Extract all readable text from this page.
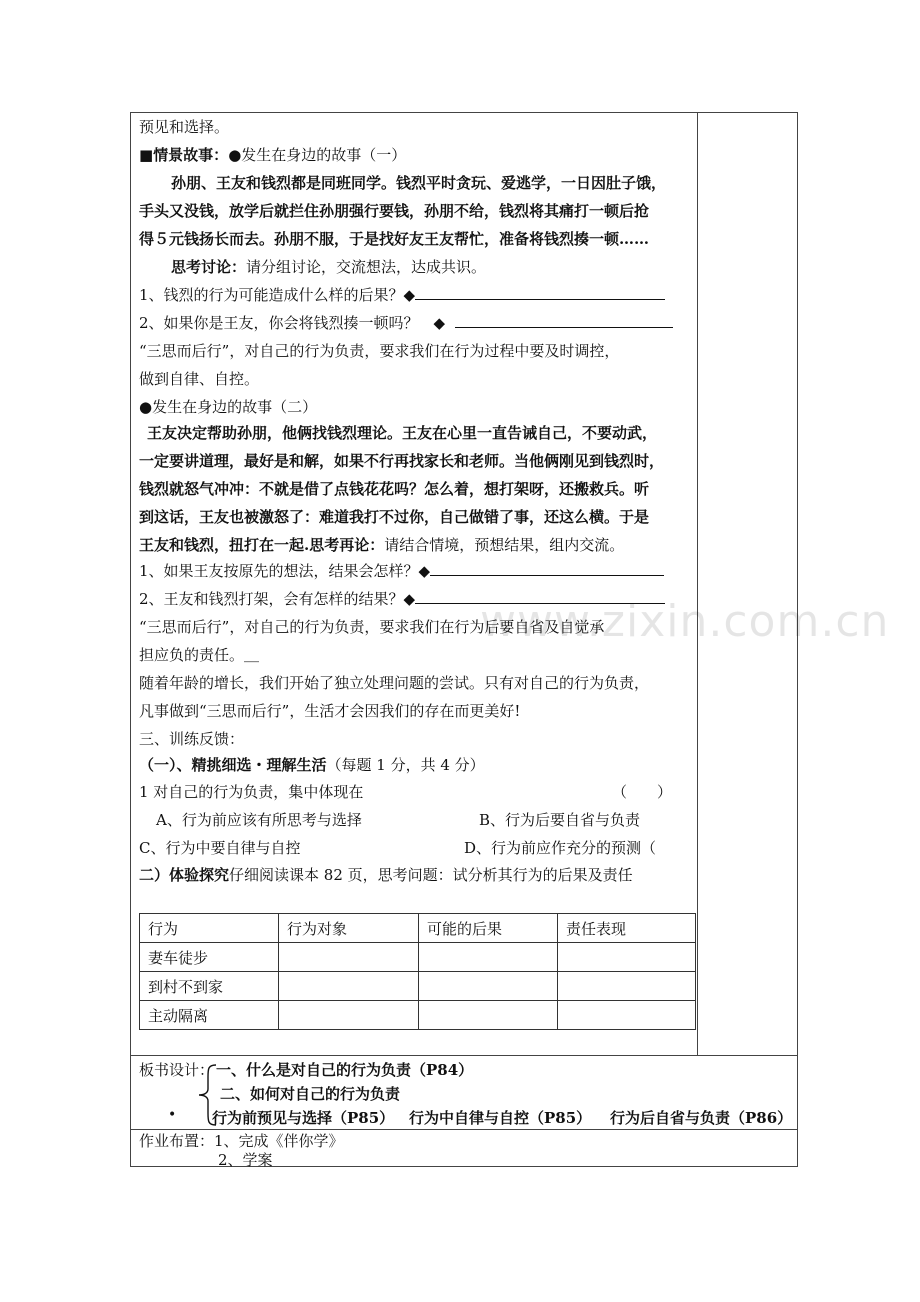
www.zixin.com.cn
预见和选择。
■情景故事：●发生在身边的故事（一）
孙朋、王友和钱烈都是同班同学。钱烈平时贪玩、爱逃学，一日因肚子饿，
手头又没钱，放学后就拦住孙朋强行要钱，孙朋不给，钱烈将其痛打一顿后抢
得５元钱扬长而去。孙朋不服，于是找好友王友帮忙，准备将钱烈揍一顿……
思考讨论：请分组讨论，交流想法，达成共识。
1、钱烈的行为可能造成什么样的后果？◆
2、如果你是王友，你会将钱烈揍一顿吗？　◆
“三思而后行”，对自己的行为负责，要求我们在行为过程中要及时调控，
做到自律、自控。
●发生在身边的故事（二）
王友决定帮助孙朋，他俩找钱烈理论。王友在心里一直告诫自己，不要动武，
一定要讲道理，最好是和解，如果不行再找家长和老师。当他俩刚见到钱烈时，
钱烈就怒气冲冲：不就是借了点钱花花吗？怎么着，想打架呀，还搬救兵。听
到这话，王友也被激怒了：难道我打不过你，自己做错了事，还这么横。于是
王友和钱烈，扭打在一起.思考再论：请结合情境，预想结果，组内交流。
1、如果王友按原先的想法，结果会怎样？◆
2、王友和钱烈打架，会有怎样的结果？◆
“三思而后行”，对自己的行为负责，要求我们在行为后要自省及自觉承
担应负的责任。＿
随着年龄的增长，我们开始了独立处理问题的尝试。只有对自己的行为负责，
凡事做到“三思而后行”，生活才会因我们的存在而更美好!
三、训练反馈：
（一）、精挑细选・理解生活（每题 1 分，共 4 分）
1 对自己的行为负责，集中体现在	（　　）
A、行为前应该有所思考与选择	B、行为后要自省与负责
C、行为中要自律与自控	D、行为前应作充分的预测（
二）体验探究仔细阅读课本 82 页，思考问题：试分析其行为的后果及责任
行为	行为对象	可能的后果	责任表现
妻车徒步			
到村不到家			
主动隔离			
板书设计： 一、什么是对自己的行为负责（P84）
二、如何对自己的行为负责
• 行为前预见与选择（P85） 行为中自律与自控（P85） 行为后自省与负责（P86）
作业布置：1、完成《伴你学》
2、学案
